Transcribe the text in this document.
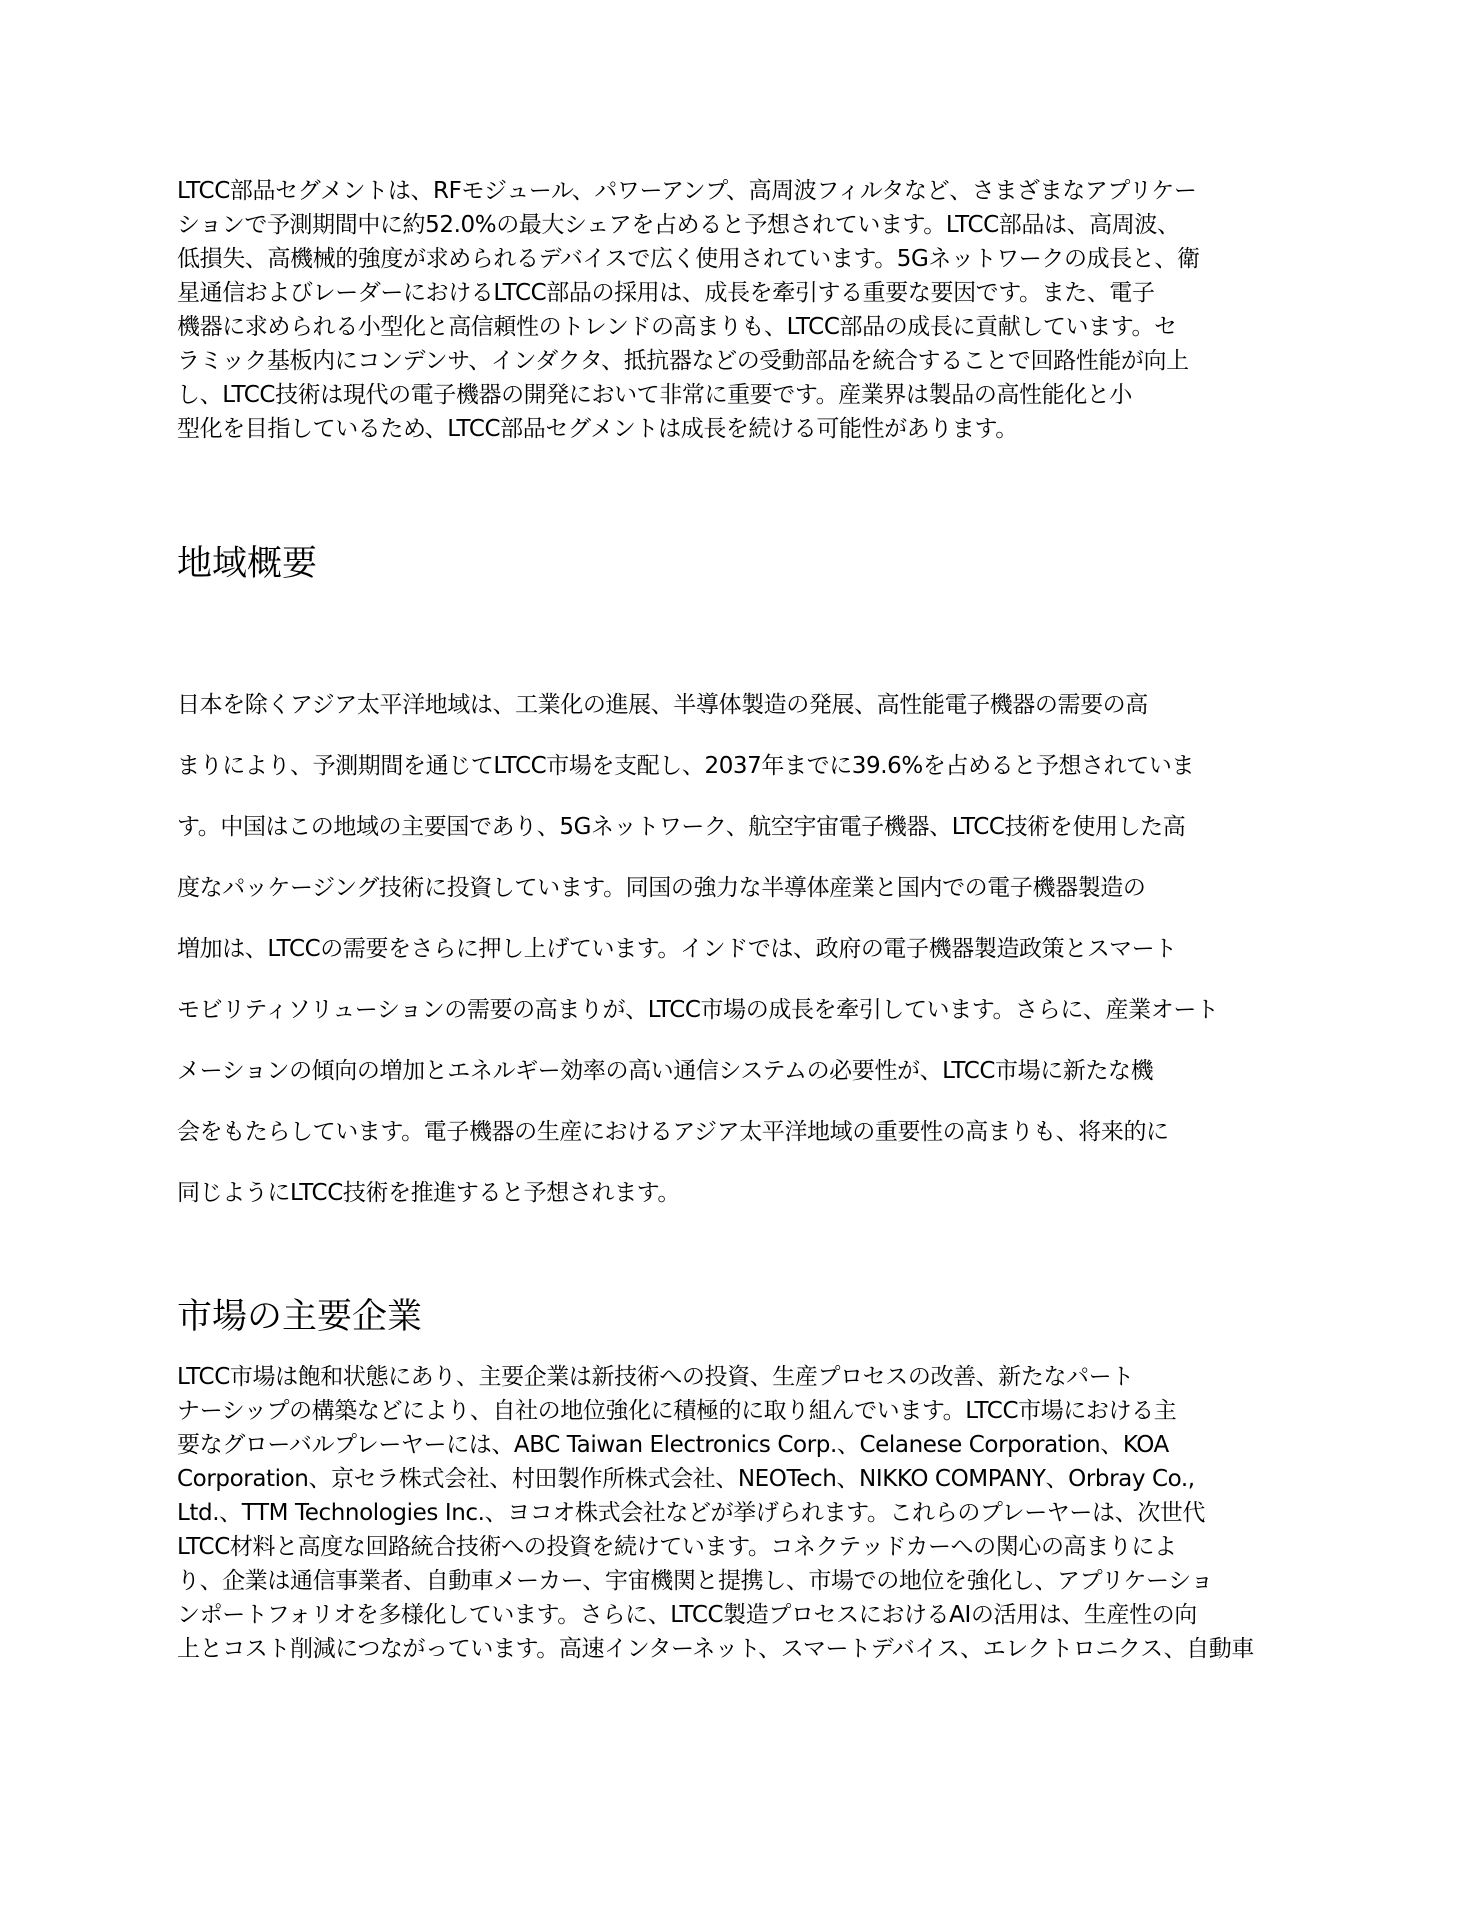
LTCC部品セグメントは、RFモジュール、パワーアンプ、高周波フィルタなど、さまざまなアプリケー

ションで予測期間中に約52.0%の最大シェアを占めると予想されています。LTCC部品は、高周波、

低損失、高機械的強度が求められるデバイスで広く使用されています。5Gネットワークの成長と、衛

星通信およびレーダーにおけるLTCC部品の採用は、成長を牽引する重要な要因です。また、電子

機器に求められる小型化と高信頼性のトレンドの高まりも、LTCC部品の成長に貢献しています。セ

ラミック基板内にコンデンサ、インダクタ、抵抗器などの受動部品を統合することで回路性能が向上

し、LTCC技術は現代の電子機器の開発において非常に重要です。産業界は製品の高性能化と小

型化を目指しているため、LTCC部品セグメントは成長を続ける可能性があります。

地域概要

日本を除くアジア太平洋地域は、工業化の進展、半導体製造の発展、高性能電子機器の需要の高

まりにより、予測期間を通じてLTCC市場を支配し、2037年までに39.6%を占めると予想されていま

す。中国はこの地域の主要国であり、5Gネットワーク、航空宇宙電子機器、LTCC技術を使用した高

度なパッケージング技術に投資しています。同国の強力な半導体産業と国内での電子機器製造の

増加は、LTCCの需要をさらに押し上げています。インドでは、政府の電子機器製造政策とスマート

モビリティソリューションの需要の高まりが、LTCC市場の成長を牽引しています。さらに、産業オート

メーションの傾向の増加とエネルギー効率の高い通信システムの必要性が、LTCC市場に新たな機

会をもたらしています。電子機器の生産におけるアジア太平洋地域の重要性の高まりも、将来的に

同じようにLTCC技術を推進すると予想されます。

市場の主要企業

LTCC市場は飽和状態にあり、主要企業は新技術への投資、生産プロセスの改善、新たなパート

ナーシップの構築などにより、自社の地位強化に積極的に取り組んでいます。LTCC市場における主

要なグローバルプレーヤーには、ABC Taiwan Electronics Corp.、Celanese Corporation、KOA

Corporation、京セラ株式会社、村田製作所株式会社、NEOTech、NIKKO COMPANY、Orbray Co.,

Ltd.、TTM Technologies Inc.、ヨコオ株式会社などが挙げられます。これらのプレーヤーは、次世代

LTCC材料と高度な回路統合技術への投資を続けています。コネクテッドカーへの関心の高まりによ

り、企業は通信事業者、自動車メーカー、宇宙機関と提携し、市場での地位を強化し、アプリケーショ

ンポートフォリオを多様化しています。さらに、LTCC製造プロセスにおけるAIの活用は、生産性の向

上とコスト削減につながっています。高速インターネット、スマートデバイス、エレクトロニクス、自動車
